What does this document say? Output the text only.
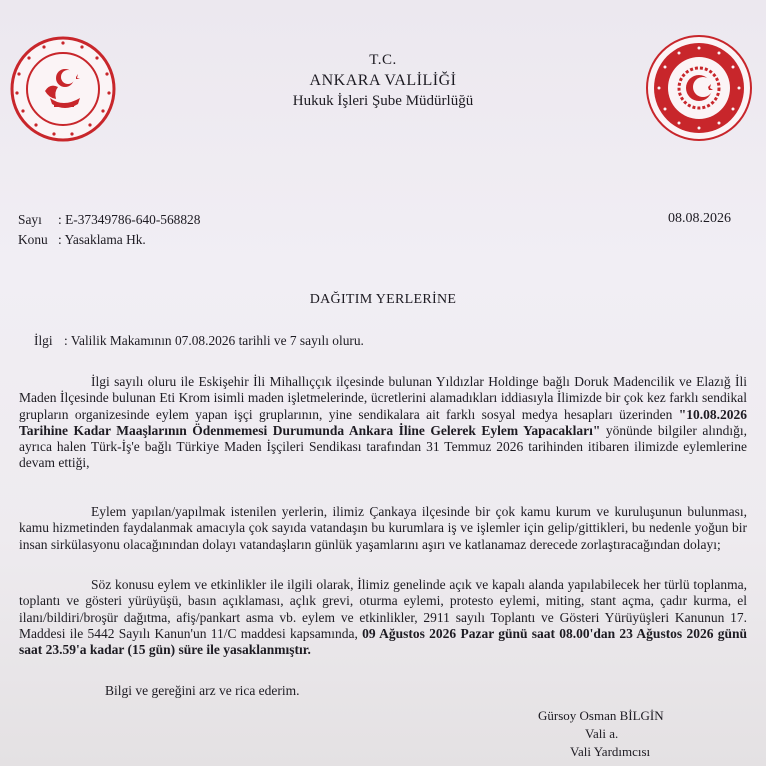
T.C.
ANKARA VALİLİĞİ
Hukuk İşleri Şube Müdürlüğü
Sayı : E-37349786-640-568828
Konu : Yasaklama Hk.
08.08.2026
DAĞITIM YERLERİNE
İlgi : Valilik Makamının 07.08.2026 tarihli ve 7 sayılı oluru.
İlgi sayılı oluru ile Eskişehir İli Mihallıççık ilçesinde bulunan Yıldızlar Holdinge bağlı Doruk Madencilik ve Elazığ İli Maden İlçesinde bulunan Eti Krom isimli maden işletmelerinde, ücretlerini alamadıkları iddiasıyla İlimizde bir çok kez farklı sendikal grupların organizesinde eylem yapan işçi gruplarının, yine sendikalara ait farklı sosyal medya hesapları üzerinden "10.08.2026 Tarihine Kadar Maaşlarının Ödenmemesi Durumunda Ankara İline Gelerek Eylem Yapacakları" yönünde bilgiler alındığı, ayrıca halen Türk-İş'e bağlı Türkiye Maden İşçileri Sendikası tarafından 31 Temmuz 2026 tarihinden itibaren ilimizde eylemlerine devam ettiği,
Eylem yapılan/yapılmak istenilen yerlerin, ilimiz Çankaya ilçesinde bir çok kamu kurum ve kuruluşunun bulunması, kamu hizmetinden faydalanmak amacıyla çok sayıda vatandaşın bu kurumlara iş ve işlemler için gelip/gittikleri, bu nedenle yoğun bir insan sirkülasyonu olacağınından dolayı vatandaşların günlük yaşamlarını aşırı ve katlanamaz derecede zorlaştıracağından dolayı;
Söz konusu eylem ve etkinlikler ile ilgili olarak, İlimiz genelinde açık ve kapalı alanda yapılabilecek her türlü toplanma, toplantı ve gösteri yürüyüşü, basın açıklaması, açlık grevi, oturma eylemi, protesto eylemi, miting, stant açma, çadır kurma, el ilanı/bildiri/broşür dağıtma, afiş/pankart asma vb. eylem ve etkinlikler, 2911 sayılı Toplantı ve Gösteri Yürüyüşleri Kanunun 17. Maddesi ile 5442 Sayılı Kanun'un 11/C maddesi kapsamında, 09 Ağustos 2026 Pazar günü saat 08.00'dan 23 Ağustos 2026 günü saat 23.59'a kadar (15 gün) süre ile yasaklanmıştır.
Bilgi ve gereğini arz ve rica ederim.
Gürsoy Osman BİLGİN
Vali a.
Vali Yardımcısı
